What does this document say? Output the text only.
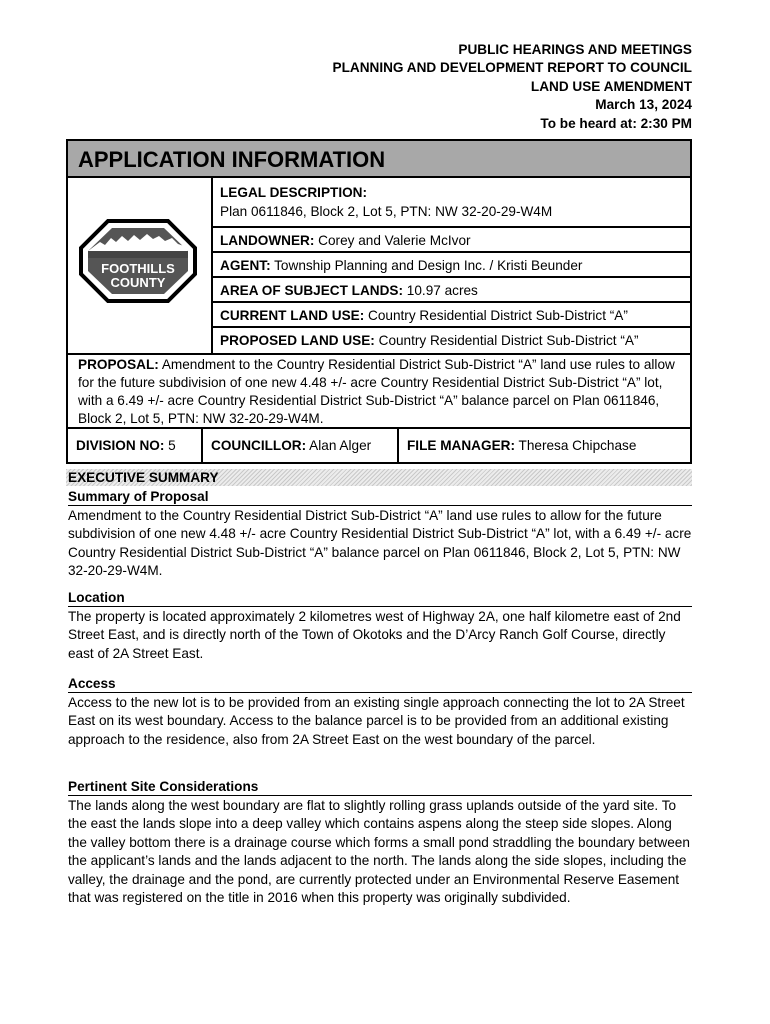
PUBLIC HEARINGS AND MEETINGS
PLANNING AND DEVELOPMENT REPORT TO COUNCIL
LAND USE AMENDMENT
March 13, 2024
To be heard at: 2:30 PM
APPLICATION INFORMATION
FOOTHILLS
COUNTY
LEGAL DESCRIPTION:
Plan 0611846, Block 2, Lot 5, PTN: NW 32-20-29-W4M
LANDOWNER: Corey and Valerie McIvor
AGENT: Township Planning and Design Inc. / Kristi Beunder
AREA OF SUBJECT LANDS: 10.97 acres
CURRENT LAND USE: Country Residential District Sub-District “A”
PROPOSED LAND USE: Country Residential District Sub-District “A”
PROPOSAL: Amendment to the Country Residential District Sub-District “A” land use rules to allow for the future subdivision of one new 4.48 +/- acre Country Residential District Sub-District “A” lot, with a 6.49 +/- acre Country Residential District Sub-District “A” balance parcel on Plan 0611846, Block 2, Lot 5, PTN: NW 32-20-29-W4M.
DIVISION NO: 5	COUNCILLOR: Alan Alger	FILE MANAGER: Theresa Chipchase
EXECUTIVE SUMMARY
Summary of Proposal
Amendment to the Country Residential District Sub-District “A” land use rules to allow for the future subdivision of one new 4.48 +/- acre Country Residential District Sub-District “A” lot, with a 6.49 +/- acre Country Residential District Sub-District “A” balance parcel on Plan 0611846, Block 2, Lot 5, PTN: NW 32-20-29-W4M.
Location
The property is located approximately 2 kilometres west of Highway 2A, one half kilometre east of 2nd Street East, and is directly north of the Town of Okotoks and the D’Arcy Ranch Golf Course, directly east of 2A Street East.
Access
Access to the new lot is to be provided from an existing single approach connecting the lot to 2A Street East on its west boundary. Access to the balance parcel is to be provided from an additional existing approach to the residence, also from 2A Street East on the west boundary of the parcel.
Pertinent Site Considerations
The lands along the west boundary are flat to slightly rolling grass uplands outside of the yard site. To the east the lands slope into a deep valley which contains aspens along the steep side slopes. Along the valley bottom there is a drainage course which forms a small pond straddling the boundary between the applicant’s lands and the lands adjacent to the north. The lands along the side slopes, including the valley, the drainage and the pond, are currently protected under an Environmental Reserve Easement that was registered on the title in 2016 when this property was originally subdivided.
